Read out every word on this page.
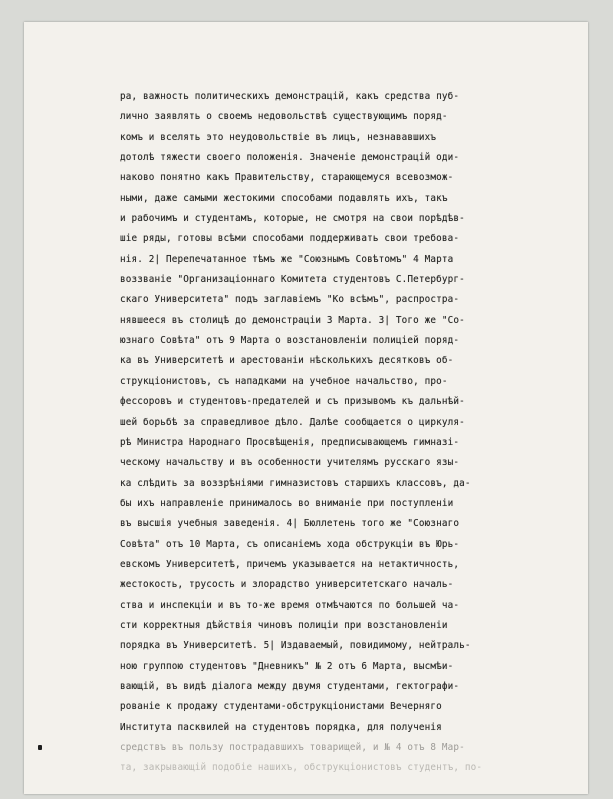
ра, важность политическихъ демонстрацій, какъ средства пуб-
лично заявлять о своемъ недовольствѣ существующимъ поряд-
комъ и вселять это неудовольствіе въ лицъ, незнававшихъ
дотолѣ тяжести своего положенія. Значеніе демонстрацій оди-
наково понятно какъ Правительству, старающемуся всевозмож-
ными, даже самыми жестокими способами подавлять ихъ, такъ
и рабочимъ и студентамъ, которые, не смотря на свои порѣдѣв-
шіе ряды, готовы всѣми способами поддерживать свои требова-
нія. 2| Перепечатанное тѣмъ же "Союзнымъ Совѣтомъ" 4 Марта
воззваніе "Организаціоннаго Комитета студентовъ С.Петербург-
скаго Университета" подъ заглавіемъ "Ко всѣмъ", распростра-
нявшееся въ столицѣ до демонстраціи 3 Марта. 3| Того же "Со-
юзнаго Совѣта" отъ 9 Марта о возстановленіи полиціей поряд-
ка въ Университетѣ и арестованіи нѣсколькихъ десятковъ об-
струкціонистовъ, съ нападками на учебное начальство, про-
фессоровъ и студентовъ-предателей и съ призывомъ къ дальнѣй-
шей борьбѣ за справедливое дѣло. Далѣе сообщается о циркуля-
рѣ Министра Народнаго Просвѣщенія, предписывающемъ гимназі-
ческому начальству и въ особенности учителямъ русскаго язы-
ка слѣдить за воззрѣніями гимназистовъ старшихъ классовъ, да-
бы ихъ направленіе принималось во вниманіе при поступленіи
въ высшія учебныя заведенія. 4| Бюллетень того же "Союзнаго
Совѣта" отъ 10 Марта, съ описаніемъ хода обструкціи въ Юрь-
евскомъ Университетѣ, причемъ указывается на нетактичность,
жестокость, трусость и злорадство университетскаго началь-
ства и инспекціи и въ то-же время отмѣчаются по большей ча-
сти корректныя дѣйствія чиновъ полиціи при возстановленіи
порядка въ Университетѣ. 5| Издаваемый, повидимому, нейтраль-
ною группою студентовъ "Дневникъ" № 2 отъ 6 Марта, высмѣи-
вающій, въ видѣ діалога между двумя студентами, гектографи-
рованіе к продажу студентами-обструкціонистами Вечерняго
Института пасквилей на студентовъ порядка, для полученія
средствъ въ пользу пострадавшихъ товарищей, и № 4 отъ 8 Мар-
та, закрывающій подобіе нашихъ, обструкціонистовъ студентъ, по-
